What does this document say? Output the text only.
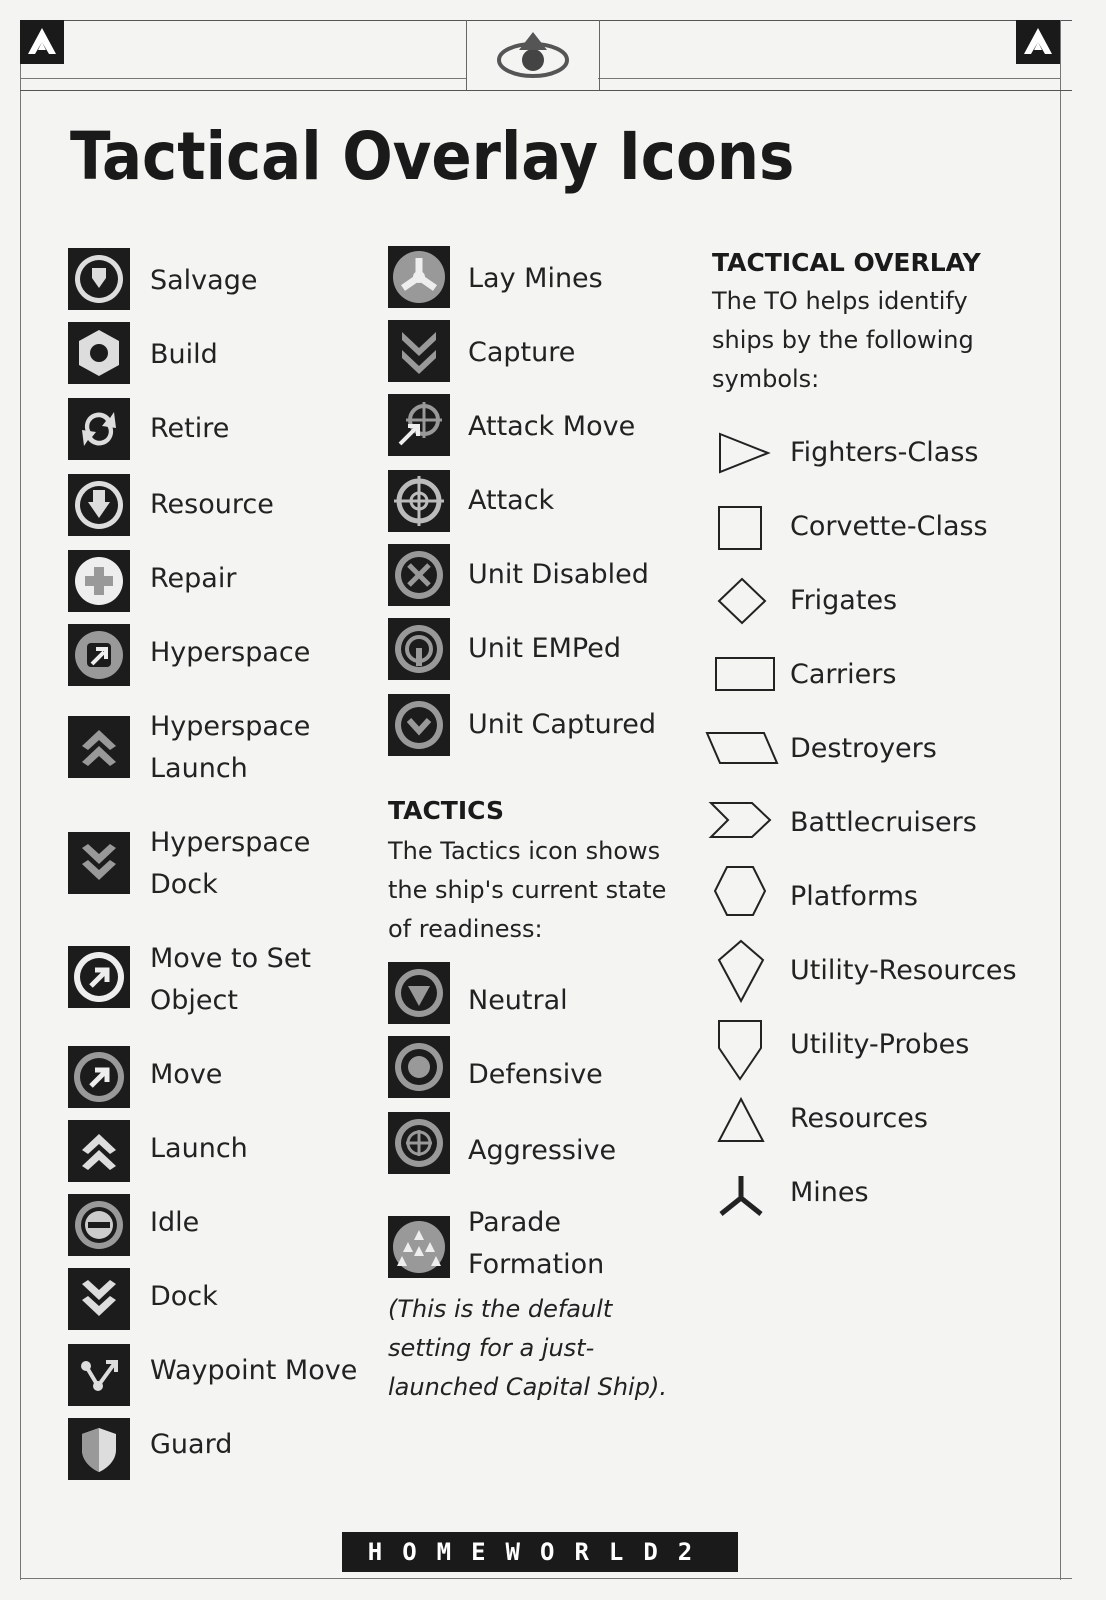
Tactical Overlay Icons
Salvage
Build
Retire
Resource
Repair
Hyperspace
Hyperspace
Launch
Hyperspace
Dock
Move to Set
Object
Move
Launch
Idle
Dock
Waypoint Move
Guard
Lay Mines
Capture
Attack Move
Attack
Unit Disabled
Unit EMPed
Unit Captured
TACTICS

The Tactics icon shows
the ship's current state
of readiness:

Neutral
Defensive
Aggressive
Parade
Formation

(This is the default
setting for a just-
launched Capital Ship).

TACTICAL OVERLAY

The TO helps identify
ships by the following
symbols:

Fighters-Class
Corvette-Class
Frigates
Carriers
Destroyers
Battlecruisers
Platforms
Utility-Resources
Utility-Probes
Resources
Mines
HOMEWORLD2
